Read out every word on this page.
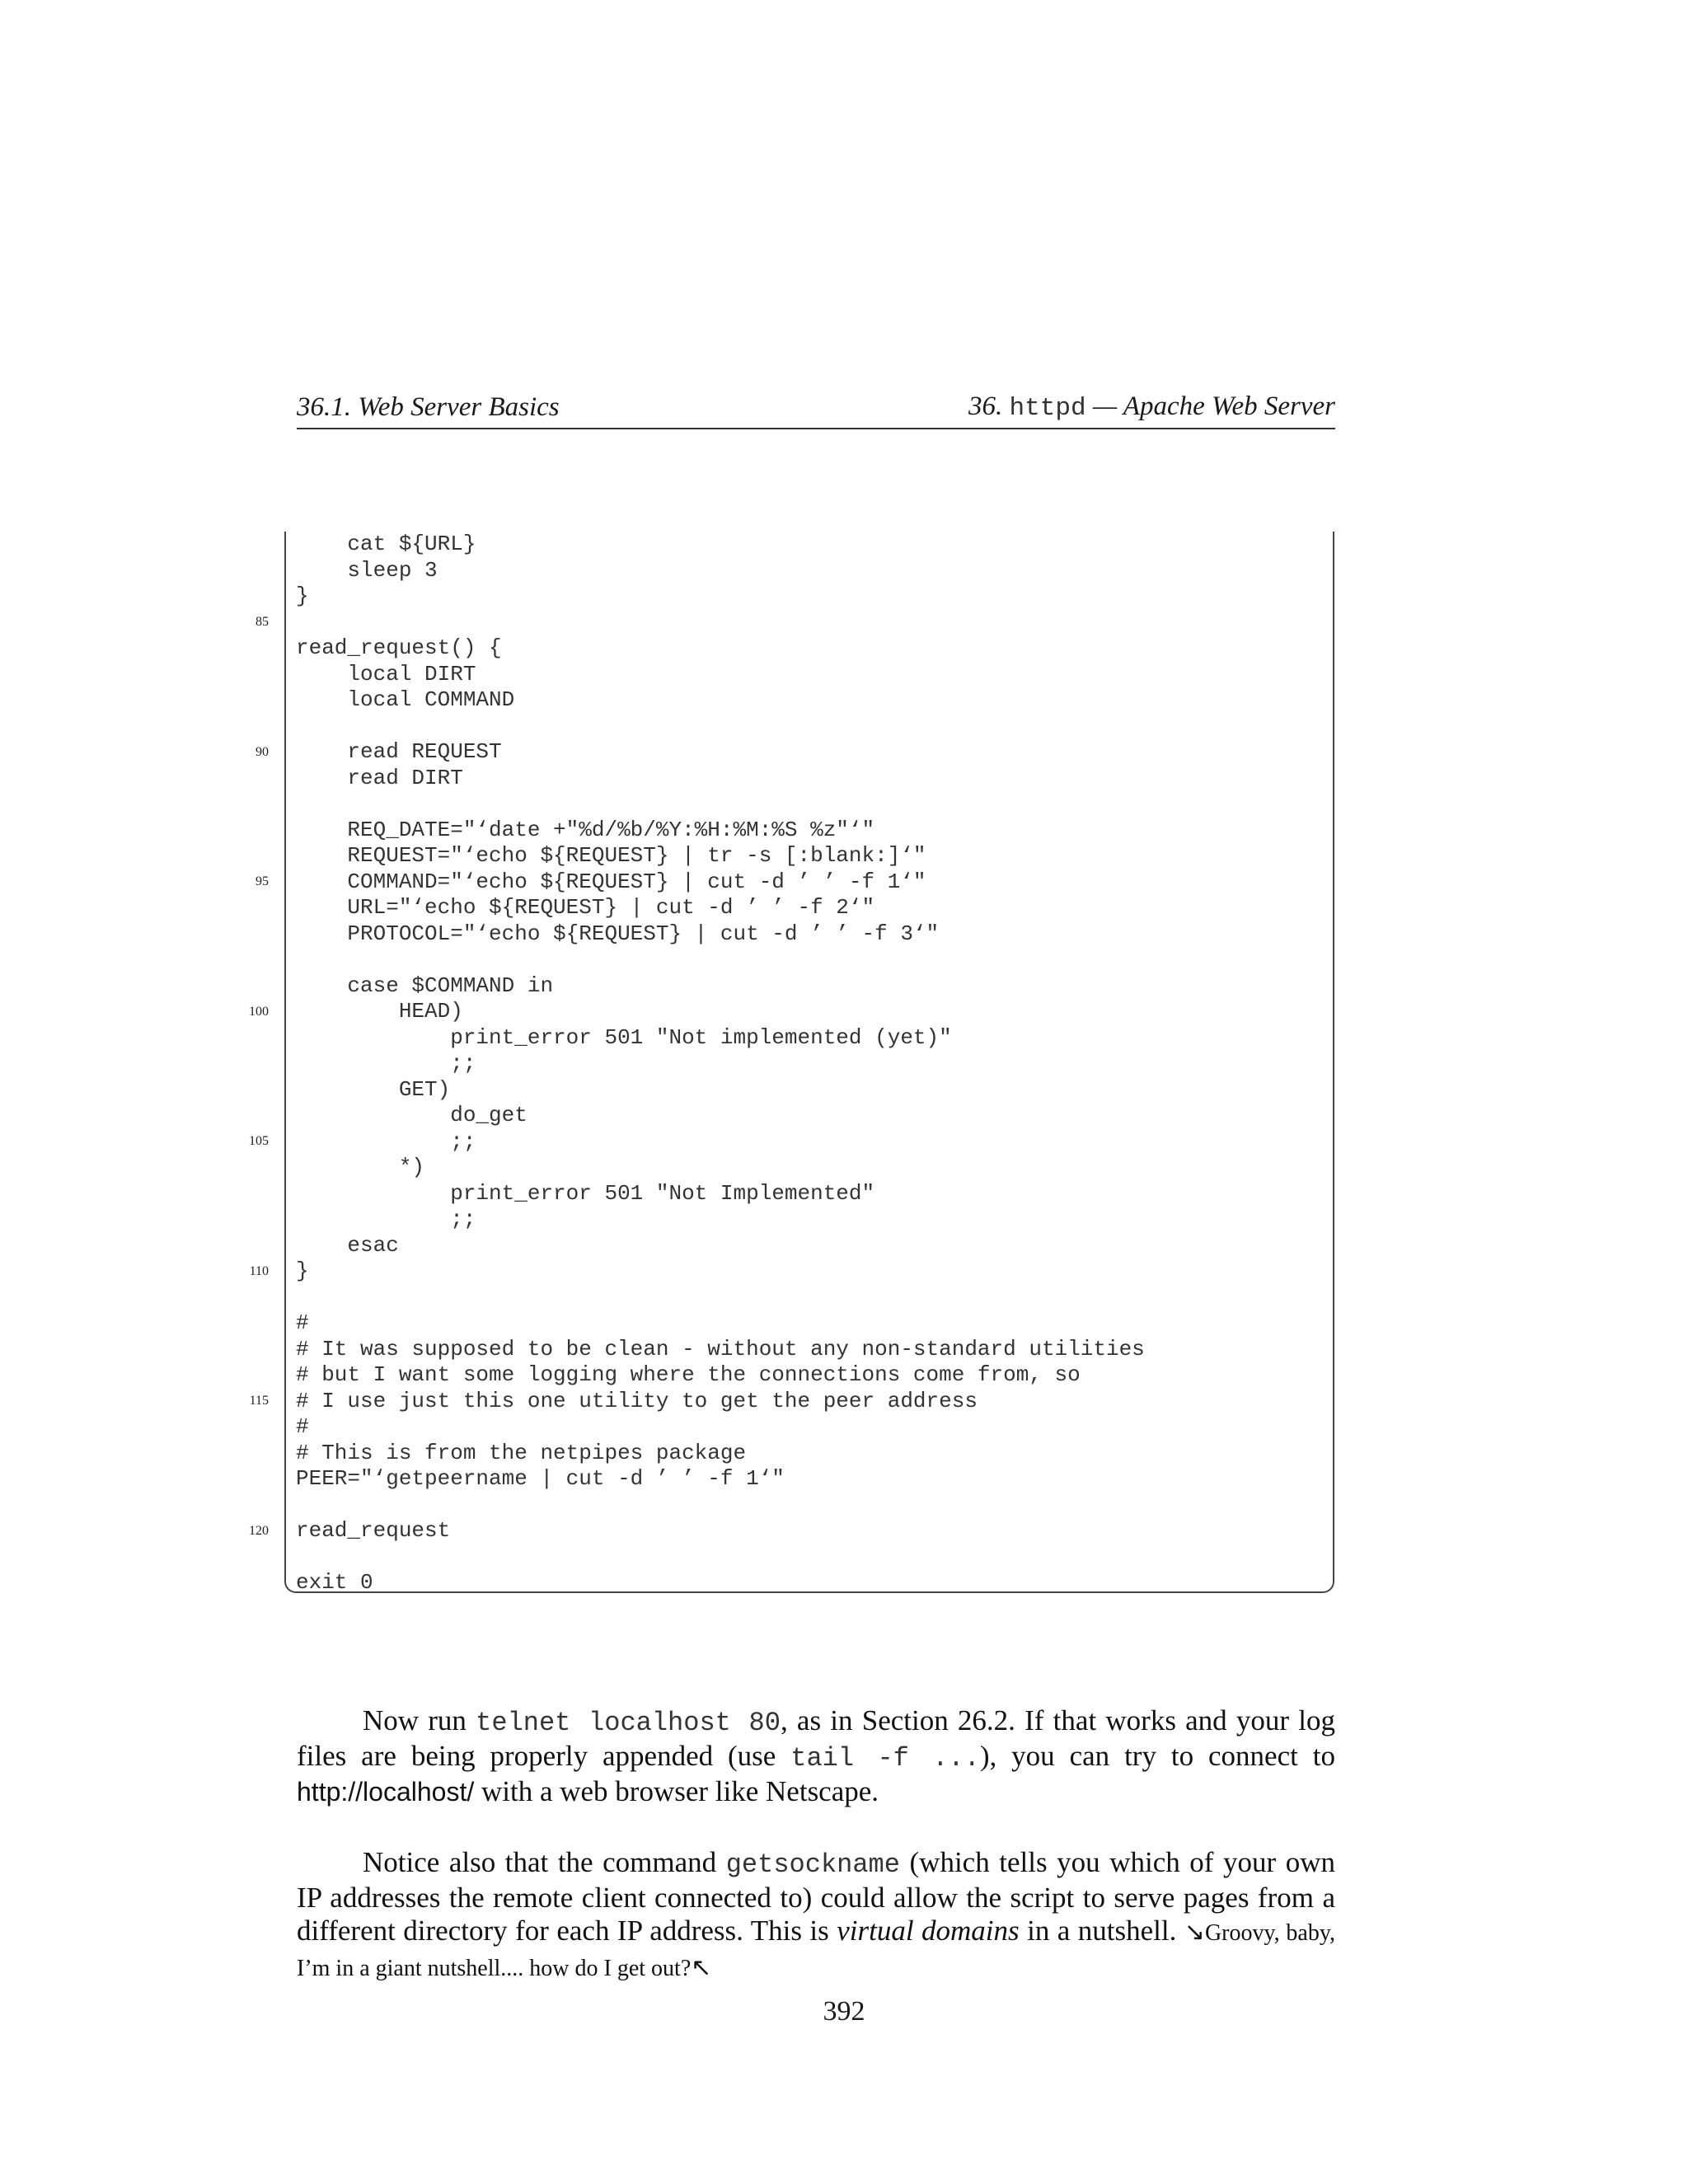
36.1. Web Server Basics	36. httpd — Apache Web Server
85
90
95
100
105
110
115
120
cat ${URL}
sleep 3
}
read_request() {
local DIRT
local COMMAND
read REQUEST
read DIRT
REQ_DATE="‘date +"%d/%b/%Y:%H:%M:%S %z"‘"
REQUEST="‘echo ${REQUEST} | tr -s [:blank:]‘"
COMMAND="‘echo ${REQUEST} | cut -d ’ ’ -f 1‘"
URL="‘echo ${REQUEST} | cut -d ’ ’ -f 2‘"
PROTOCOL="‘echo ${REQUEST} | cut -d ’ ’ -f 3‘"
case $COMMAND in
HEAD)
print_error 501 "Not implemented (yet)"
;;
GET)
do_get
;;
*)
print_error 501 "Not Implemented"
;;
esac
}
#
# It was supposed to be clean - without any non-standard utilities
# but I want some logging where the connections come from, so
# I use just this one utility to get the peer address
#
# This is from the netpipes package
PEER="‘getpeername | cut -d ’ ’ -f 1‘"
read_request
exit 0
Now run telnet localhost 80, as in Section 26.2. If that works and your log files are being properly appended (use tail -f ...), you can try to connect to http://localhost/ with a web browser like Netscape.
Notice also that the command getsockname (which tells you which of your own IP addresses the remote client connected to) could allow the script to serve pages from a different directory for each IP address. This is virtual domains in a nutshell. ↘Groovy, baby, I’m in a giant nutshell.... how do I get out?↖
392
